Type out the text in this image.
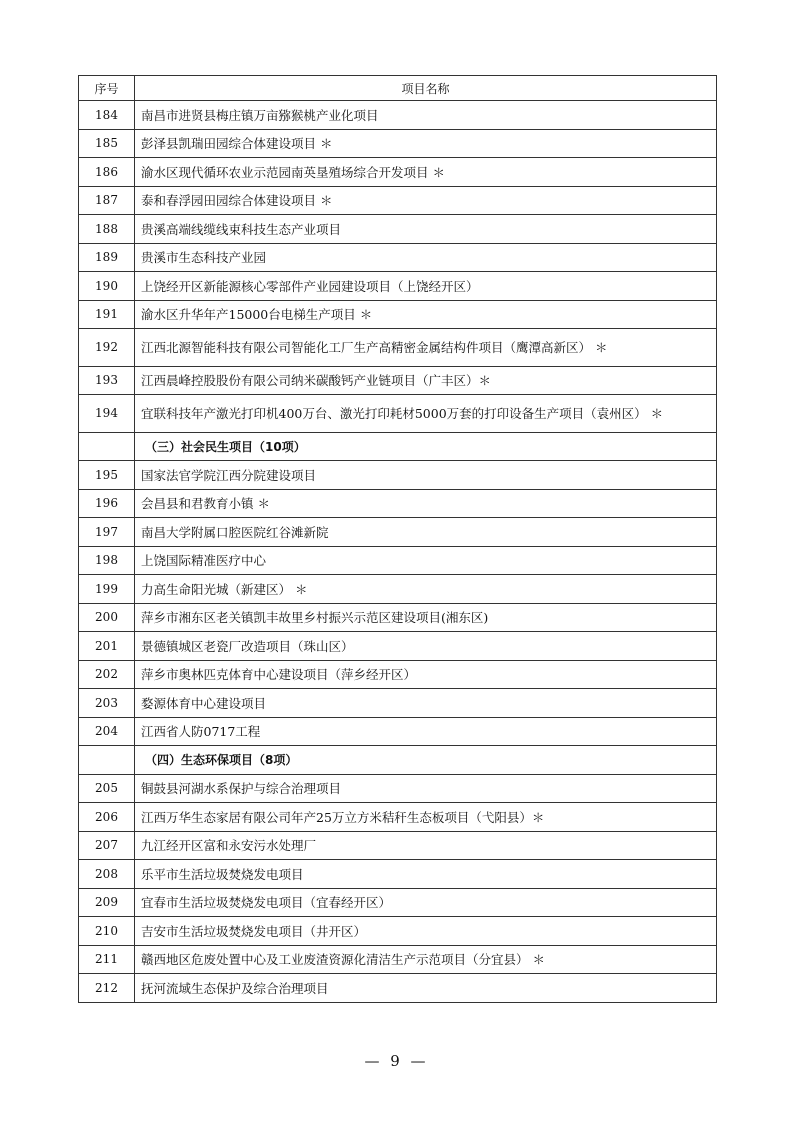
序号	项目名称
184	南昌市进贤县梅庄镇万亩猕猴桃产业化项目
185	彭泽县凯瑞田园综合体建设项目 ＊
186	渝水区现代循环农业示范园南英垦殖场综合开发项目 ＊
187	泰和春浮园田园综合体建设项目 ＊
188	贵溪高端线缆线束科技生态产业项目
189	贵溪市生态科技产业园
190	上饶经开区新能源核心零部件产业园建设项目（上饶经开区）
191	渝水区升华年产15000台电梯生产项目 ＊
192	江西北源智能科技有限公司智能化工厂生产高精密金属结构件项目（鹰潭高新区） ＊
193	江西晨峰控股股份有限公司纳米碳酸钙产业链项目（广丰区）＊
194	宜联科技年产激光打印机400万台、激光打印耗材5000万套的打印设备生产项目（袁州区） ＊
	（三）社会民生项目（10项）
195	国家法官学院江西分院建设项目
196	会昌县和君教育小镇 ＊
197	南昌大学附属口腔医院红谷滩新院
198	上饶国际精准医疗中心
199	力高生命阳光城（新建区） ＊
200	萍乡市湘东区老关镇凯丰故里乡村振兴示范区建设项目(湘东区)
201	景德镇城区老瓷厂改造项目（珠山区）
202	萍乡市奥林匹克体育中心建设项目（萍乡经开区）
203	婺源体育中心建设项目
204	江西省人防0717工程
	（四）生态环保项目（8项）
205	铜鼓县河湖水系保护与综合治理项目
206	江西万华生态家居有限公司年产25万立方米秸秆生态板项目（弋阳县）＊
207	九江经开区富和永安污水处理厂
208	乐平市生活垃圾焚烧发电项目
209	宜春市生活垃圾焚烧发电项目（宜春经开区）
210	吉安市生活垃圾焚烧发电项目（井开区）
211	赣西地区危废处置中心及工业废渣资源化清洁生产示范项目（分宜县） ＊
212	抚河流域生态保护及综合治理项目
— 9 —
